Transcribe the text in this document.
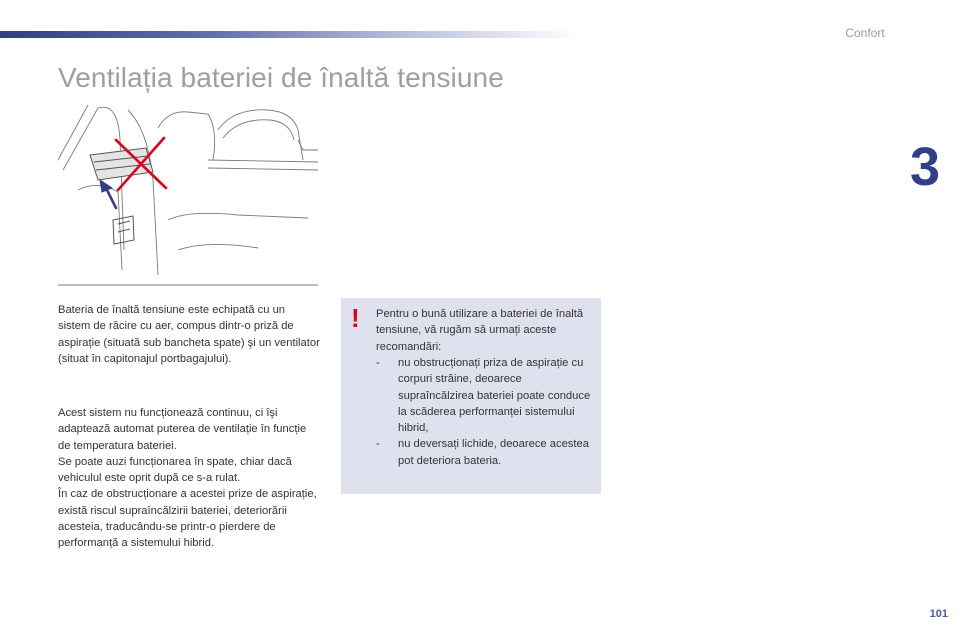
Confort
Ventilația bateriei de înaltă tensiune
3

Bateria de înaltă tensiune este echipată cu un sistem de răcire cu aer, compus dintr-o priză de aspirație (situată sub bancheta spate) şi un ventilator (situat în capitonajul portbagajului).

Acest sistem nu funcționează continuu, ci îşi adaptează automat puterea de ventilație în funcție de temperatura bateriei.
Se poate auzi funcționarea în spate, chiar dacă vehiculul este oprit după ce s-a rulat.
În caz de obstrucționare a acestei prize de aspirație, există riscul supraîncălzirii bateriei, deteriorării acesteia, traducându-se printr-o pierdere de performanță a sistemului hibrid.
! Pentru o bună utilizare a bateriei de înaltă tensiune, vă rugăm să urmați aceste recomandări:

- nu obstrucționați priza de aspirație cu corpuri străine, deoarece supraîncălzirea bateriei poate conduce la scăderea performanței sistemului hibrid,
- nu deversați lichide, deoarece acestea pot deteriora bateria.
101
